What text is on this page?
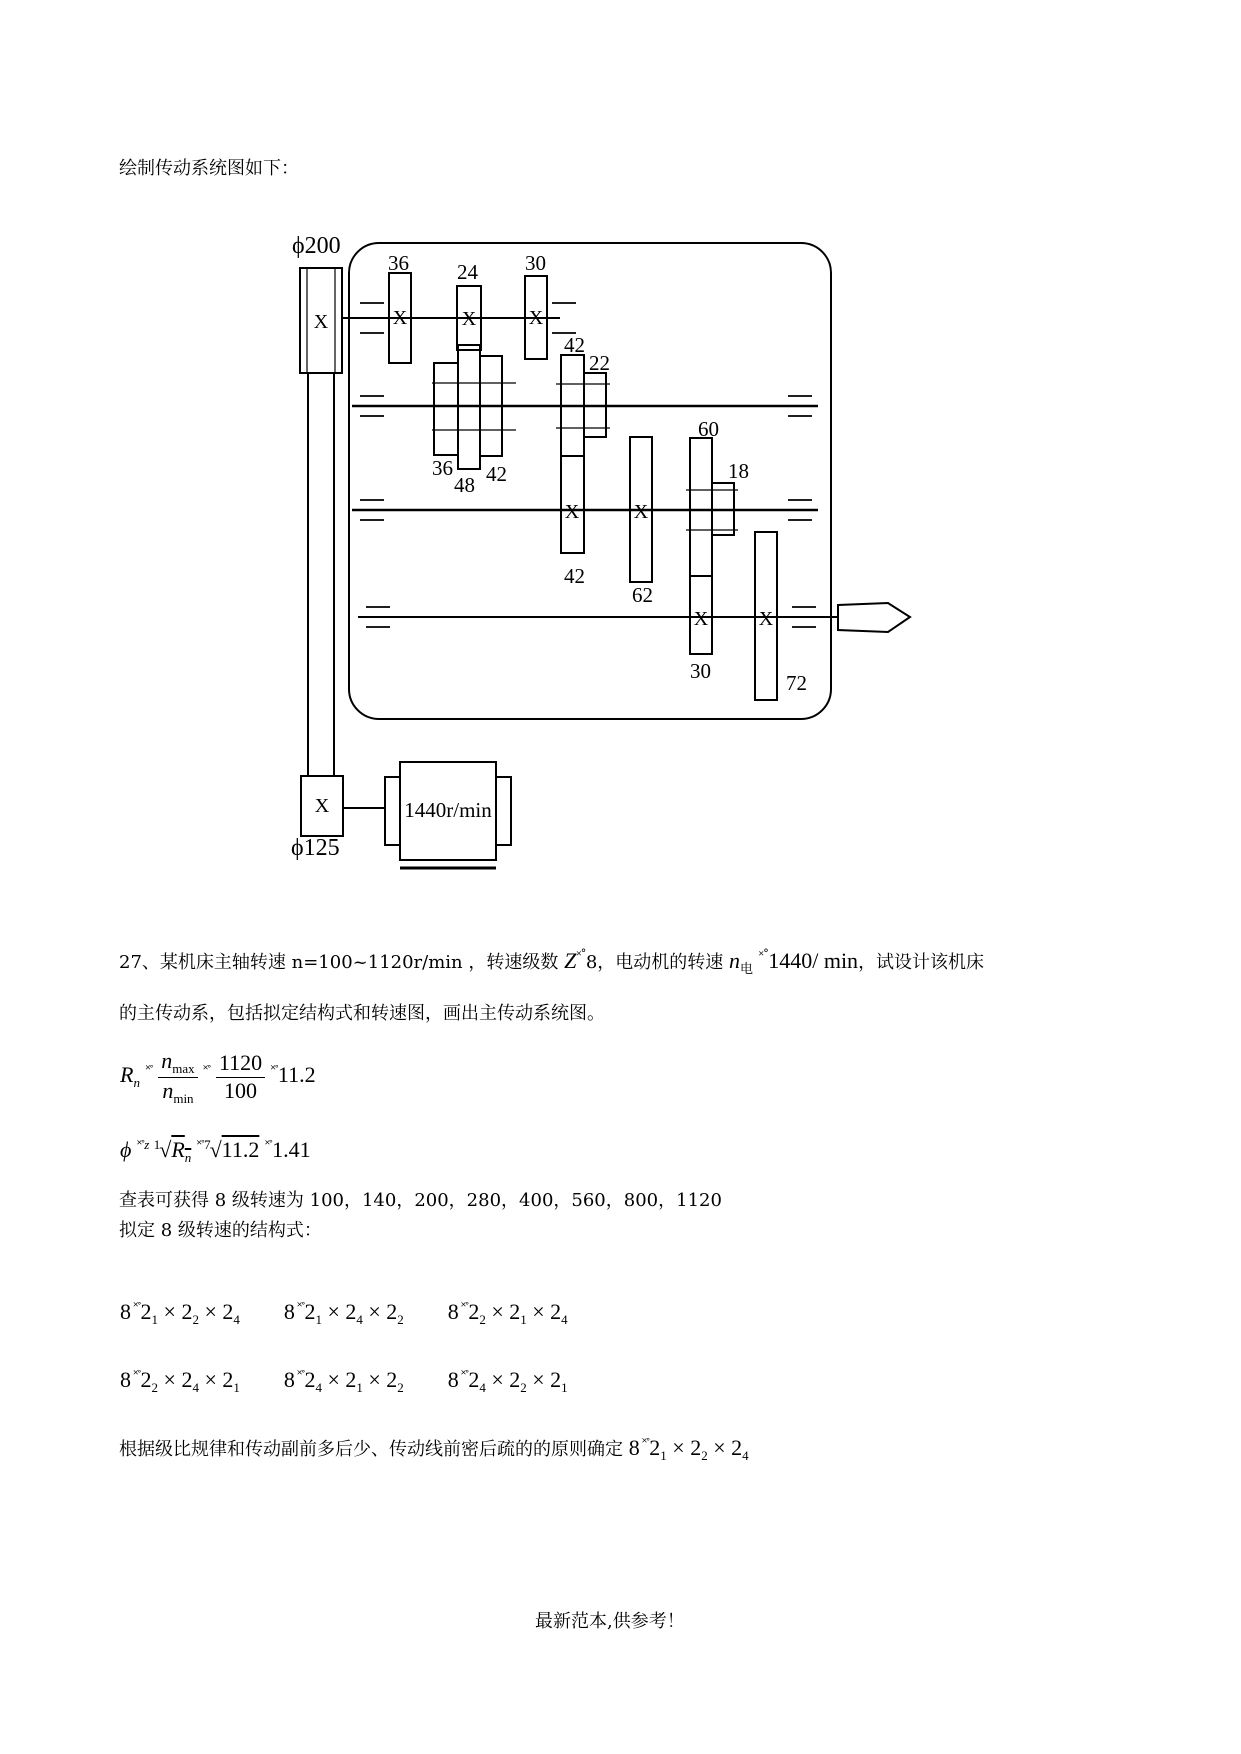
绘制传动系统图如下：
X	X	X	X
X	X
X	X
X
ϕ200
ϕ125
1440r/min
36 24 30
42
22
36
48 42
60
18
42
62
30	72
27、某机床主轴转速 n=100~1120r/min ，转速级数 Z˟˚8，电动机的转速 $n_电$ ˟˚1440/ min，试设计该机床
的主传动系，包括拟定结构式和转速图，画出主传动系统图。
$R_n$ $^{˟˚} \frac{n_{max}}{n_{min}} ^{˟˚} \frac{1120}{100} ^{˟˚}11.2$
ϕ $^{˟˚z}$ $^1√R_n$ $^{˟˚7}$√11.2 ˟˚1.41
查表可获得 8 级转速为 100，140，200，280，400，560，800，1120
拟定 8 级转速的结构式：
8 $^{˟˚}2_1 \times 2_2 \times 2_4$ 8 $^{˟˚}2_1 \times 2_4 \times 2_2$ 8 $^{˟˚}2_2 \times 2_1 \times 2_4$
8 $^{˟˚}2_2 \times 2_4 \times 2_1$ 8 $^{˟˚}2_4 \times 2_1 \times 2_2$ 8 $^{˟˚}2_4 \times 2_2 \times 2_1$
根据级比规律和传动副前多后少、传动线前密后疏的的原则确定 8 $^{˟˚}2_1 \times 2_2 \times 2_4$
最新范本,供参考！
